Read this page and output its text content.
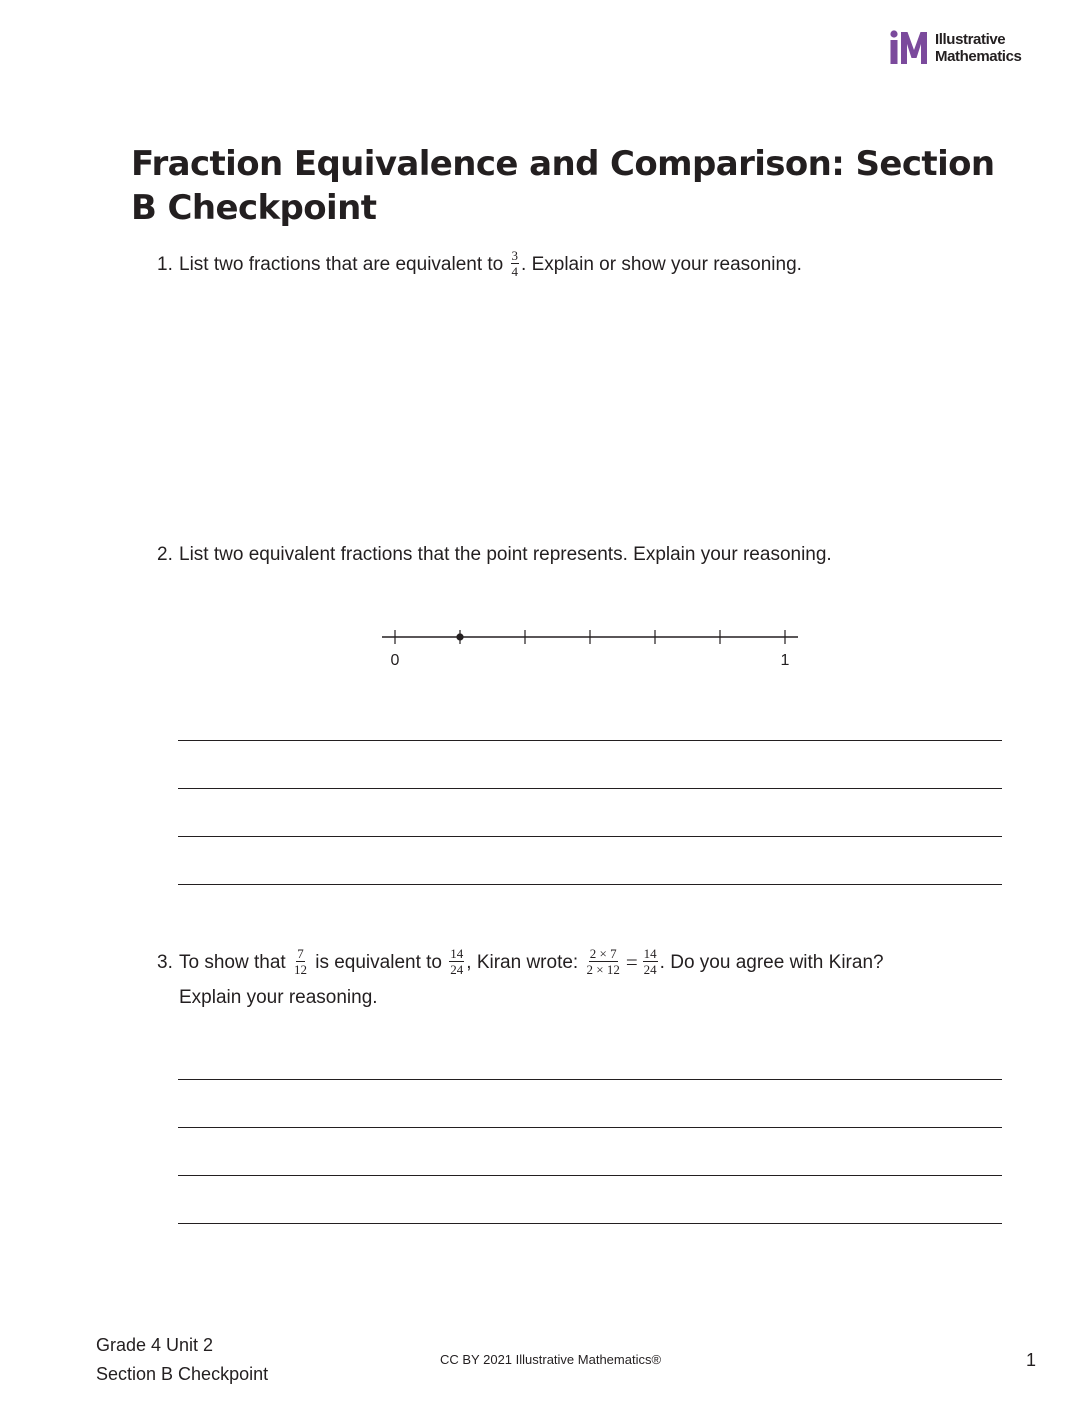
Illustrative
Mathematics
Fraction Equivalence and Comparison: Section B Checkpoint
1. List two fractions that are equivalent to $\frac{3}{4}$ . Explain or show your reasoning.
2. List two equivalent fractions that the point represents. Explain your reasoning.
0	1
3. To show that $\frac{7}{12}$ is equivalent to $\frac{14}{24}$ , Kiran wrote: $\frac{2 \times 7}{2 \times 12} = \frac{14}{24}$ . Do you agree with Kiran?
Explain your reasoning.
Grade 4 Unit 2
Section B Checkpoint
CC BY 2021 Illustrative Mathematics®	1
